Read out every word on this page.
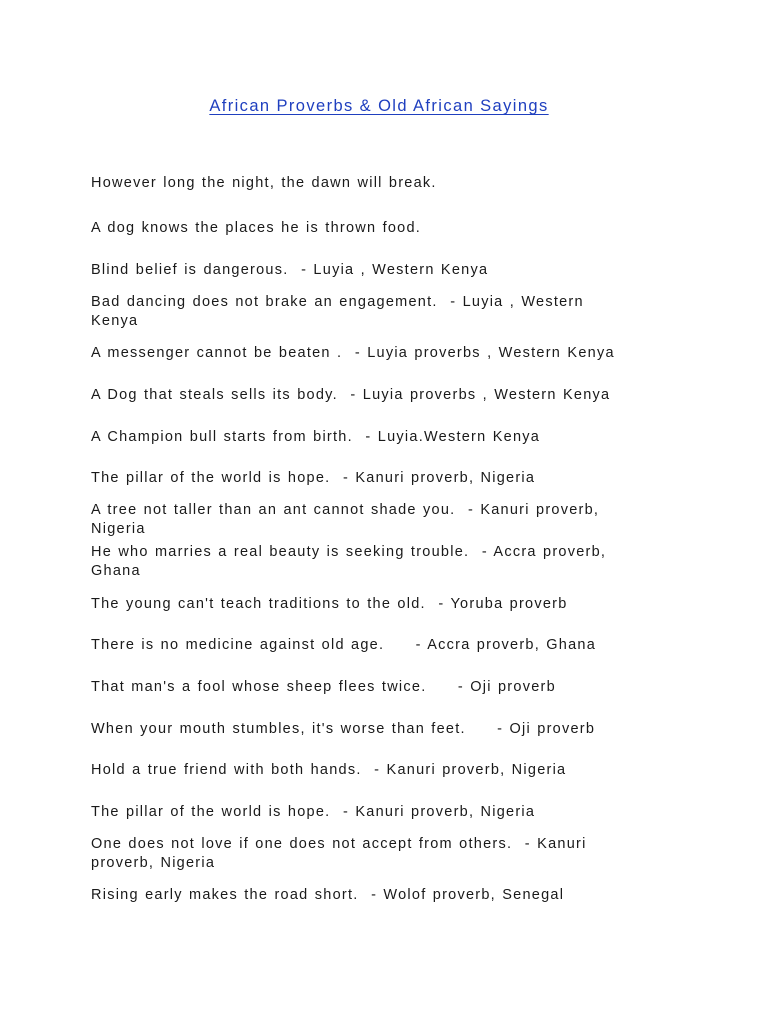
African Proverbs & Old African Sayings
However long the night, the dawn will break.
A dog knows the places he is thrown food.
Blind belief is dangerous.  - Luyia , Western Kenya
Bad dancing does not brake an engagement.  - Luyia , Western
Kenya
A messenger cannot be beaten .  - Luyia proverbs , Western Kenya
A Dog that steals sells its body.  - Luyia proverbs , Western Kenya
A Champion bull starts from birth.  - Luyia.Western Kenya
The pillar of the world is hope.  - Kanuri proverb, Nigeria
A tree not taller than an ant cannot shade you.  - Kanuri proverb,
Nigeria
He who marries a real beauty is seeking trouble.  - Accra proverb,
Ghana
The young can't teach traditions to the old.  - Yoruba proverb
There is no medicine against old age.     - Accra proverb, Ghana
That man's a fool whose sheep flees twice.     - Oji proverb
When your mouth stumbles, it's worse than feet.     - Oji proverb
Hold a true friend with both hands.  - Kanuri proverb, Nigeria
The pillar of the world is hope.  - Kanuri proverb, Nigeria
One does not love if one does not accept from others.  - Kanuri
proverb, Nigeria
Rising early makes the road short.  - Wolof proverb, Senegal
